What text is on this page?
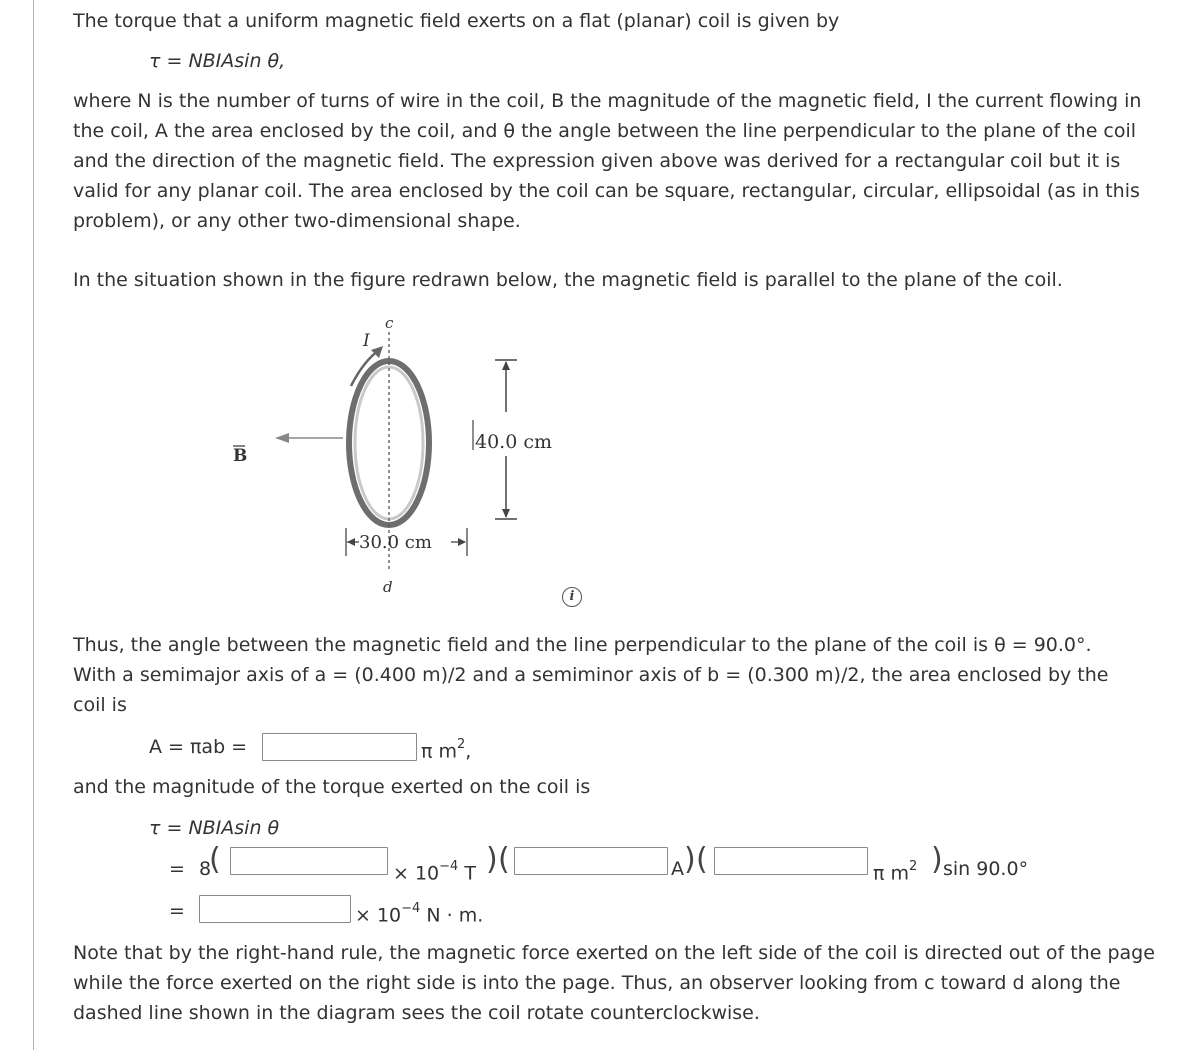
The torque that a uniform magnetic field exerts on a flat (planar) coil is given by
τ = NBIAsin θ,
where N is the number of turns of wire in the coil, B the magnitude of the magnetic field, I the current flowing in the coil, A the area enclosed by the coil, and θ the angle between the line perpendicular to the plane of the coil and the direction of the magnetic field. The expression given above was derived for a rectangular coil but it is valid for any planar coil. The area enclosed by the coil can be square, rectangular, circular, ellipsoidal (as in this problem), or any other two-dimensional shape.
In the situation shown in the figure redrawn below, the magnetic field is parallel to the plane of the coil.
B
c
d
I
40.0 cm
30.0 cm
i
Thus, the angle between the magnetic field and the line perpendicular to the plane of the coil is θ = 90.0°.
With a semimajor axis of a = (0.400 m)/2 and a semiminor axis of b = (0.300 m)/2, the area enclosed by the
coil is
A = πab =	π $m^2$,
and the magnitude of the torque exerted on the coil is
τ = NBIAsin θ
= 8
(	× $10^{-4}$ T ) (	A ) (	π $m^2$ ) sin 90.0°
=	× $10^{-4}$ N · m.
Note that by the right-hand rule, the magnetic force exerted on the left side of the coil is directed out of the page while the force exerted on the right side is into the page. Thus, an observer looking from c toward d along the dashed line shown in the diagram sees the coil rotate counterclockwise.
